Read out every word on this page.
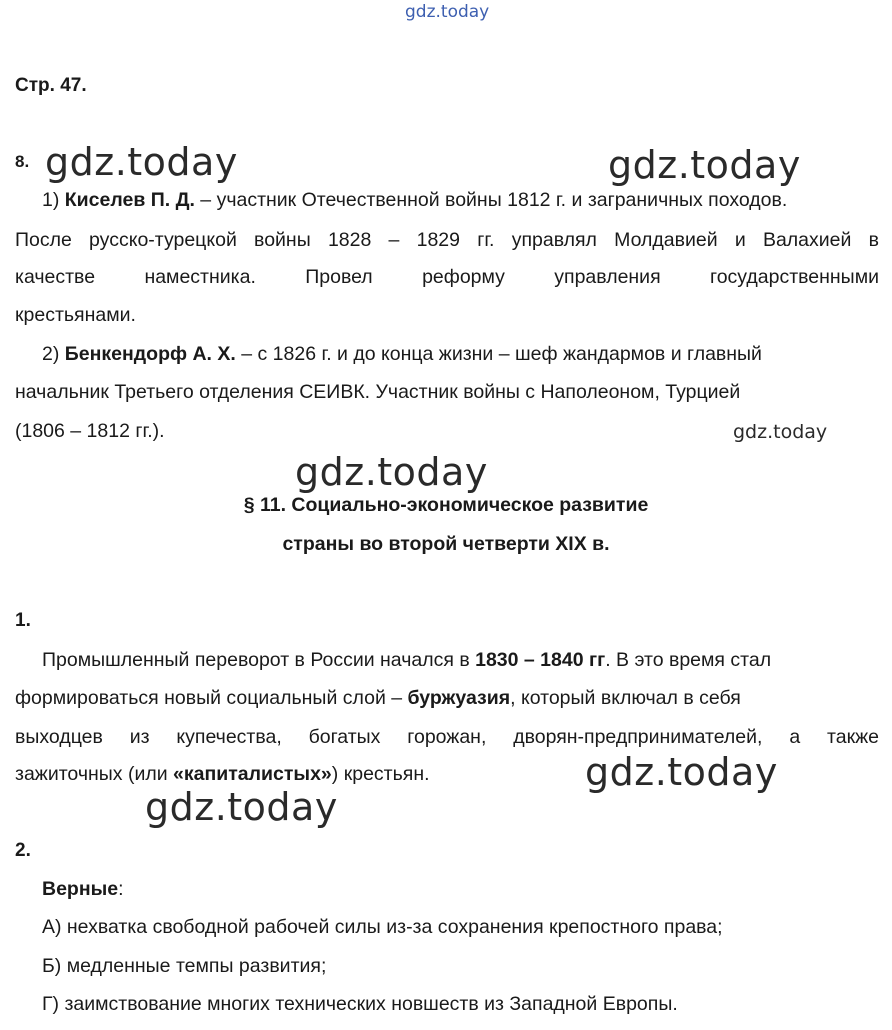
gdz.today
gdz.today	gdz.today
gdz.today
gdz.today
gdz.today
gdz.today
Стр. 47.
8.
1) Киселев П. Д. – участник Отечественной войны 1812 г. и заграничных походов.
После русско-турецкой войны 1828 – 1829 гг. управлял Молдавией и Валахией в
качестве наместника. Провел реформу управления государственными
крестьянами.
2) Бенкендорф А. Х. – с 1826 г. и до конца жизни – шеф жандармов и главный
начальник Третьего отделения СЕИВК. Участник войны с Наполеоном, Турцией
(1806 – 1812 гг.).
§ 11. Социально-экономическое развитие
страны во второй четверти XIX в.
1.
Промышленный переворот в России начался в 1830 – 1840 гг. В это время стал
формироваться новый социальный слой – буржуазия, который включал в себя
выходцев из купечества, богатых горожан, дворян-предпринимателей, а также
зажиточных (или «капиталистых») крестьян.
2.
Верные:
А) нехватка свободной рабочей силы из-за сохранения крепостного права;
Б) медленные темпы развития;
Г) заимствование многих технических новшеств из Западной Европы.
